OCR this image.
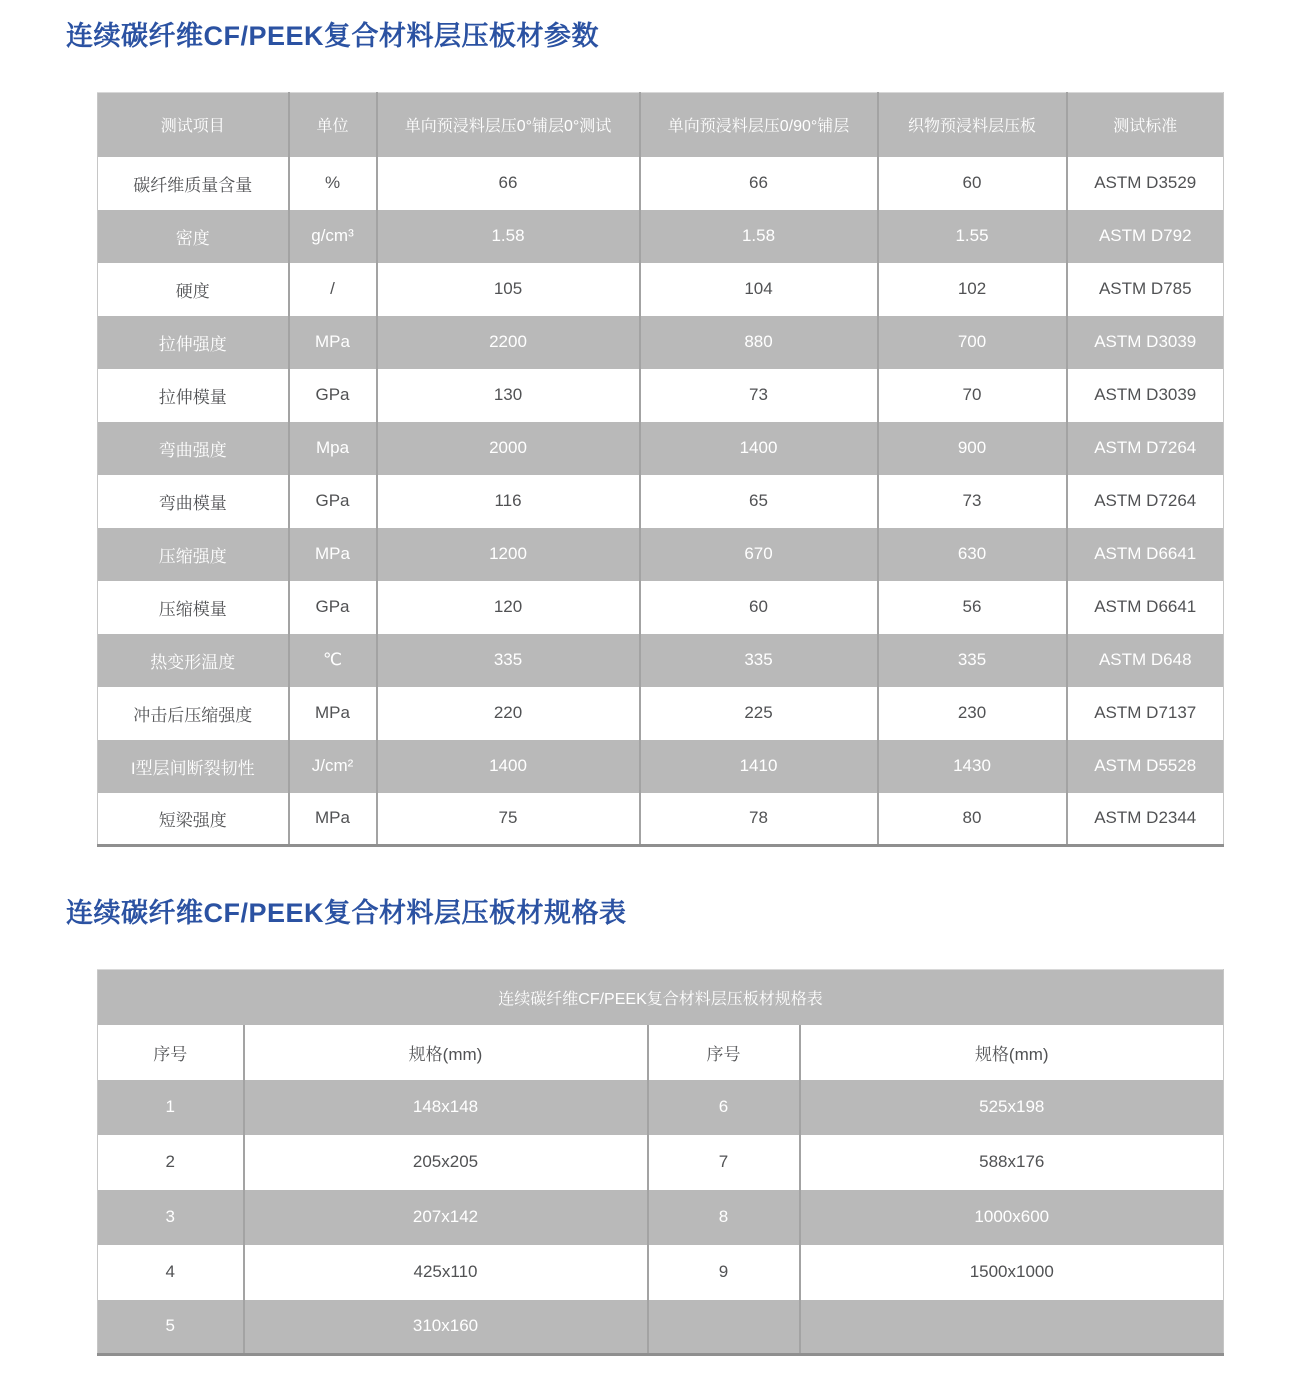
连续碳纤维CF/PEEK复合材料层压板材参数
测试项目	单位	单向预浸料层压0°铺层0°测试	单向预浸料层压0/90°铺层	织物预浸料层压板	测试标准
碳纤维质量含量	%	66	66	60	ASTM D3529
密度	g/cm³	1.58	1.58	1.55	ASTM D792
硬度	/	105	104	102	ASTM D785
拉伸强度	MPa	2200	880	700	ASTM D3039
拉伸模量	GPa	130	73	70	ASTM D3039
弯曲强度	Mpa	2000	1400	900	ASTM D7264
弯曲模量	GPa	116	65	73	ASTM D7264
压缩强度	MPa	1200	670	630	ASTM D6641
压缩模量	GPa	120	60	56	ASTM D6641
热变形温度	℃	335	335	335	ASTM D648
冲击后压缩强度	MPa	220	225	230	ASTM D7137
I型层间断裂韧性	J/cm²	1400	1410	1430	ASTM D5528
短梁强度	MPa	75	78	80	ASTM D2344
连续碳纤维CF/PEEK复合材料层压板材规格表
连续碳纤维CF/PEEK复合材料层压板材规格表			
序号	规格(mm)	序号	规格(mm)
1	148x148	6	525x198
2	205x205	7	588x176
3	207x142	8	1000x600
4	425x110	9	1500x1000
5	310x160		
